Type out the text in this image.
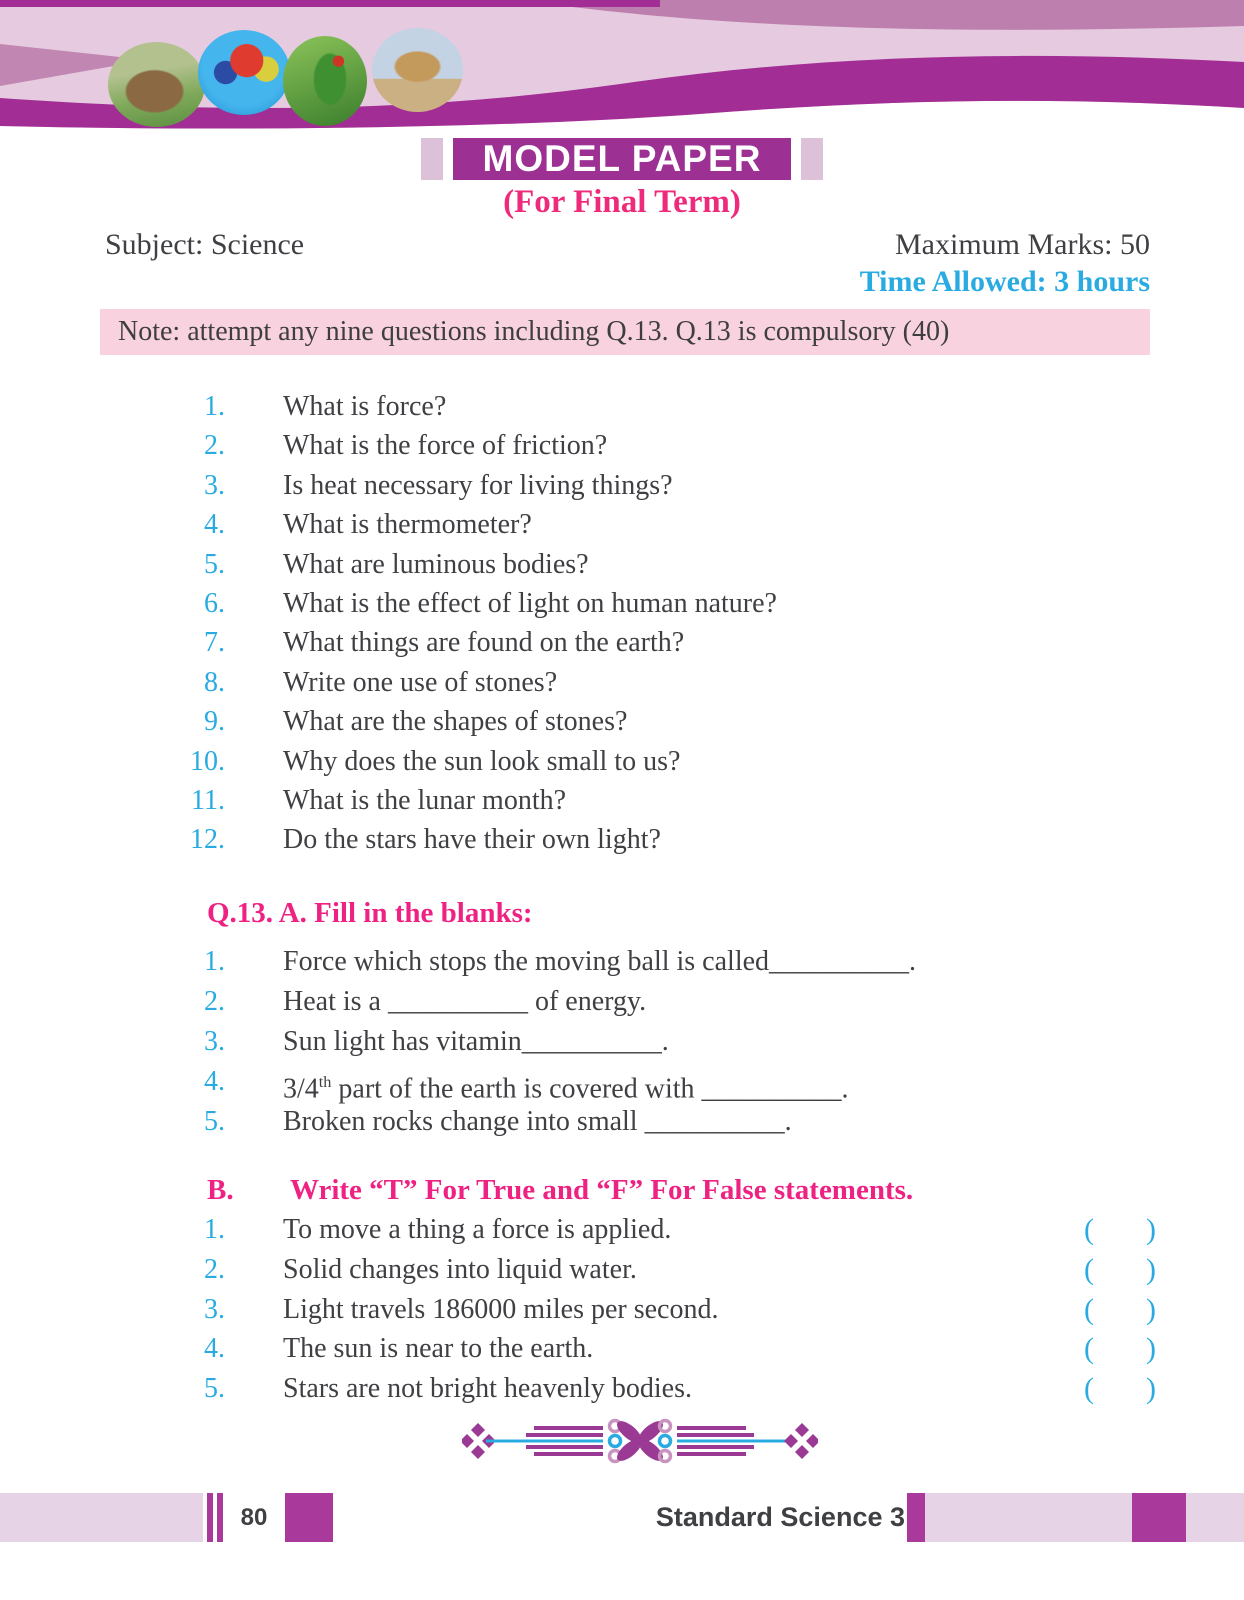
MODEL PAPER
(For Final Term)
Subject: Science	Maximum Marks: 50
Time Allowed: 3 hours
Note: attempt any nine questions including Q.13. Q.13 is compulsory (40)
1. What is force?
2. What is the force of friction?
3. Is heat necessary for living things?
4. What is thermometer?
5. What are luminous bodies?
6. What is the effect of light on human nature?
7. What things are found on the earth?
8. Write one use of stones?
9. What are the shapes of stones?
10. Why does the sun look small to us?
11. What is the lunar month?
12. Do the stars have their own light?
Q.13. A. Fill in the blanks:
1. Force which stops the moving ball is called__________.
2. Heat is a __________ of energy.
3. Sun light has vitamin__________.
4. 3/4th part of the earth is covered with __________.
5. Broken rocks change into small __________.
B. Write “T” For True and “F” For False statements.
1. To move a thing a force is applied.	( )
2. Solid changes into liquid water.	( )
3. Light travels 186000 miles per second.	( )
4. The sun is near to the earth.	( )
5. Stars are not bright heavenly bodies.	( )
80	Standard Science 3
